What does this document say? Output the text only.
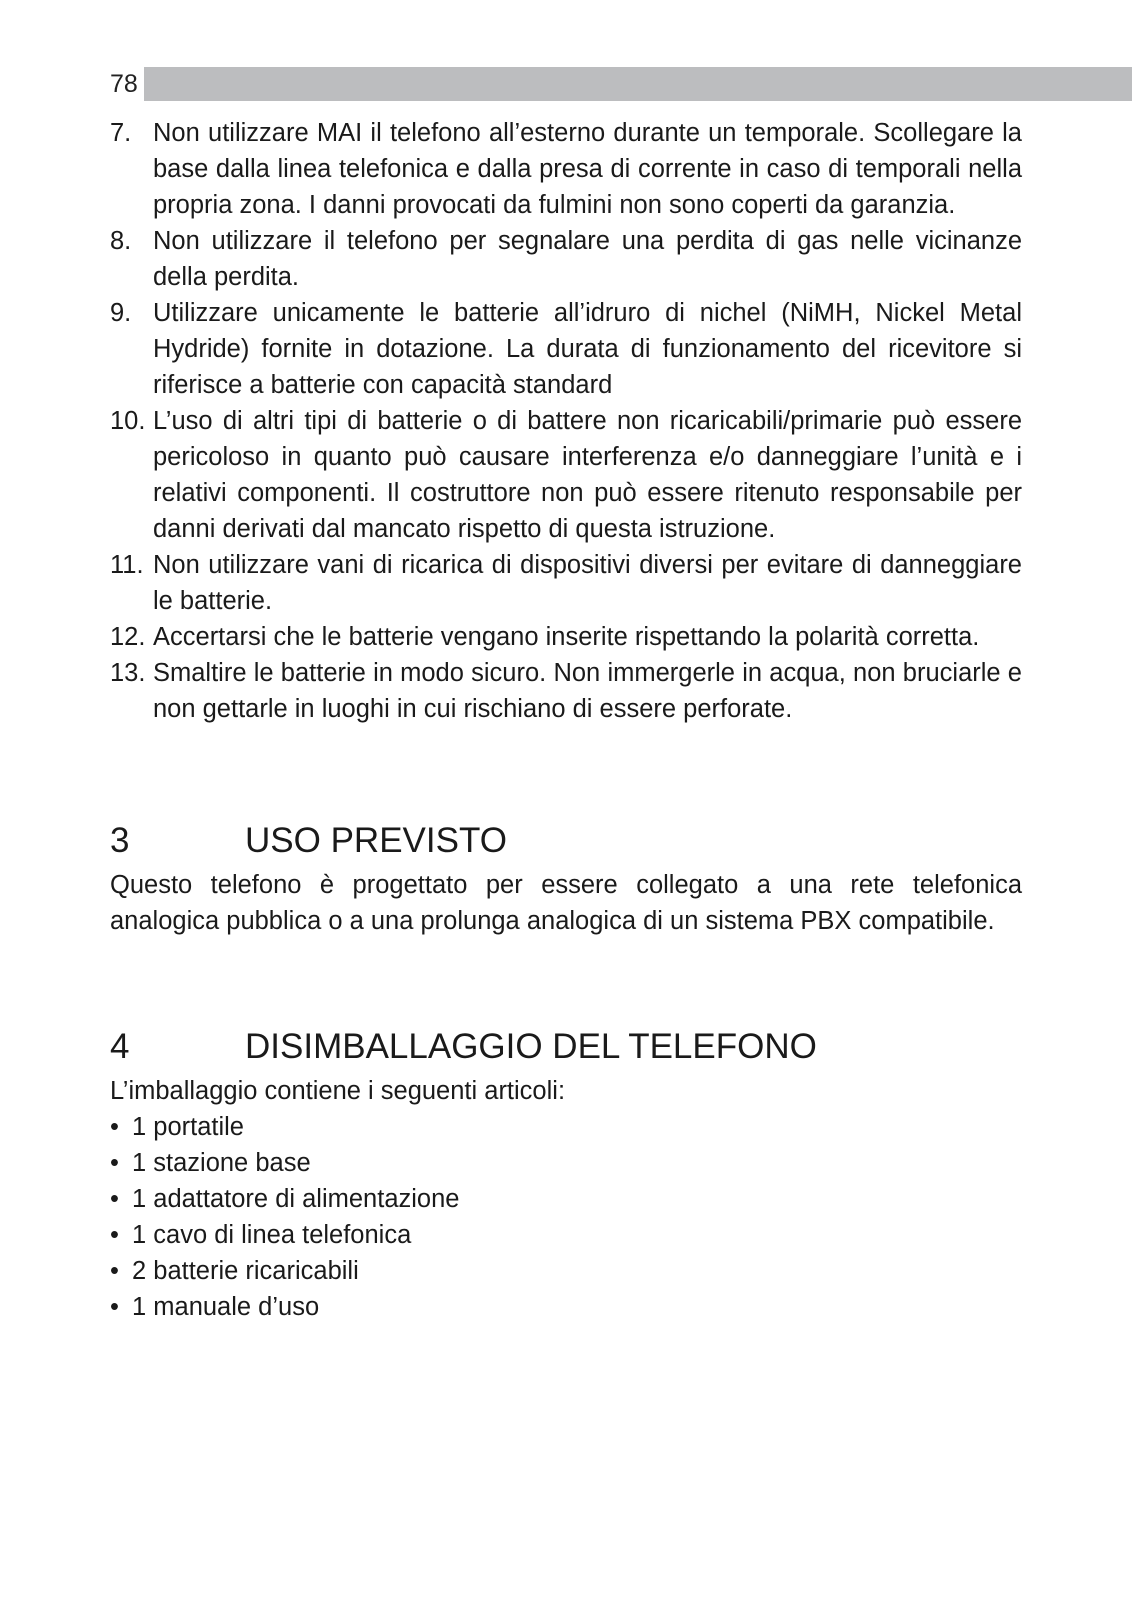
78
7. Non utilizzare MAI il telefono all’esterno durante un temporale. Scollegare la base dalla linea telefonica e dalla presa di corrente in caso di temporali nella propria zona. I danni provocati da fulmini non sono coperti da garanzia.
8. Non utilizzare il telefono per segnalare una perdita di gas nelle vicinanze della perdita.
9. Utilizzare unicamente le batterie all’idruro di nichel (NiMH, Nickel Metal Hydride) fornite in dotazione. La durata di funzionamento del ricevitore si riferisce a batterie con capacità standard
10. L’uso di altri tipi di batterie o di battere non ricaricabili/primarie può essere pericoloso in quanto può causare interferenza e/o danneggiare l’unità e i relativi componenti. Il costruttore non può essere ritenuto responsabile per danni derivati dal mancato rispetto di questa istruzione.
11. Non utilizzare vani di ricarica di dispositivi diversi per evitare di danneggiare le batterie.
12. Accertarsi che le batterie vengano inserite rispettando la polarità corretta.
13. Smaltire le batterie in modo sicuro. Non immergerle in acqua, non bruciarle e non gettarle in luoghi in cui rischiano di essere perforate.
3	USO PREVISTO

Questo telefono è progettato per essere collegato a una rete telefonica analogica pubblica o a una prolunga analogica di un sistema PBX compatibile.

4	DISIMBALLAGGIO DEL TELEFONO

L’imballaggio contiene i seguenti articoli:

• 1 portatile
• 1 stazione base
• 1 adattatore di alimentazione
• 1 cavo di linea telefonica
• 2 batterie ricaricabili
• 1 manuale d’uso
